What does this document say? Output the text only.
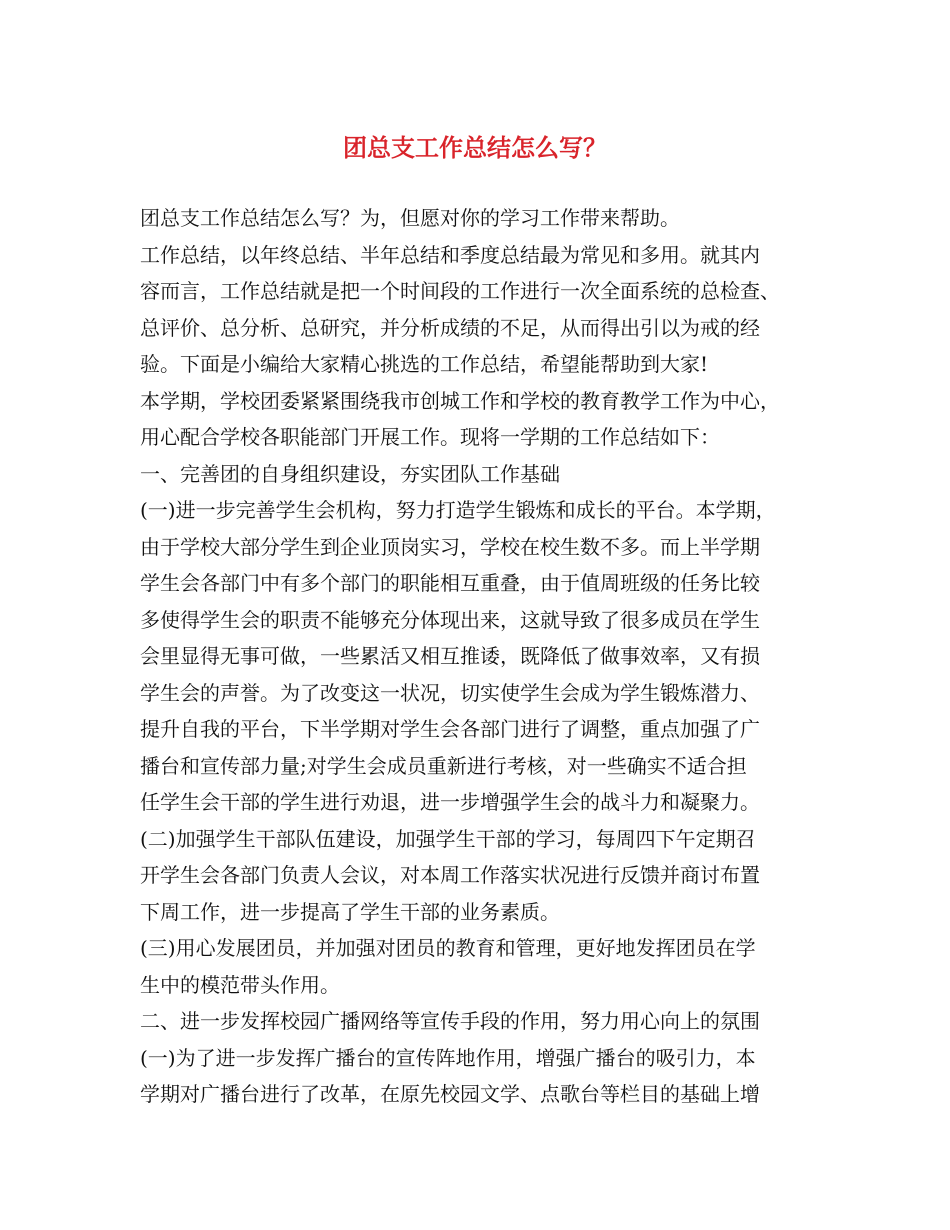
团总支工作总结怎么写？
团总支工作总结怎么写？为，但愿对你的学习工作带来帮助。
工作总结，以年终总结、半年总结和季度总结最为常见和多用。就其内
容而言，工作总结就是把一个时间段的工作进行一次全面系统的总检查、
总评价、总分析、总研究，并分析成绩的不足，从而得出引以为戒的经
验。下面是小编给大家精心挑选的工作总结，希望能帮助到大家!
本学期，学校团委紧紧围绕我市创城工作和学校的教育教学工作为中心，
用心配合学校各职能部门开展工作。现将一学期的工作总结如下：
一、完善团的自身组织建设，夯实团队工作基础
(一)进一步完善学生会机构，努力打造学生锻炼和成长的平台。本学期，
由于学校大部分学生到企业顶岗实习，学校在校生数不多。而上半学期
学生会各部门中有多个部门的职能相互重叠，由于值周班级的任务比较
多使得学生会的职责不能够充分体现出来，这就导致了很多成员在学生
会里显得无事可做，一些累活又相互推诿，既降低了做事效率，又有损
学生会的声誉。为了改变这一状况，切实使学生会成为学生锻炼潜力、
提升自我的平台，下半学期对学生会各部门进行了调整，重点加强了广
播台和宣传部力量;对学生会成员重新进行考核，对一些确实不适合担
任学生会干部的学生进行劝退，进一步增强学生会的战斗力和凝聚力。
(二)加强学生干部队伍建设，加强学生干部的学习，每周四下午定期召
开学生会各部门负责人会议，对本周工作落实状况进行反馈并商讨布置
下周工作，进一步提高了学生干部的业务素质。
(三)用心发展团员，并加强对团员的教育和管理，更好地发挥团员在学
生中的模范带头作用。
二、进一步发挥校园广播网络等宣传手段的作用，努力用心向上的氛围
(一)为了进一步发挥广播台的宣传阵地作用，增强广播台的吸引力，本
学期对广播台进行了改革，在原先校园文学、点歌台等栏目的基础上增
